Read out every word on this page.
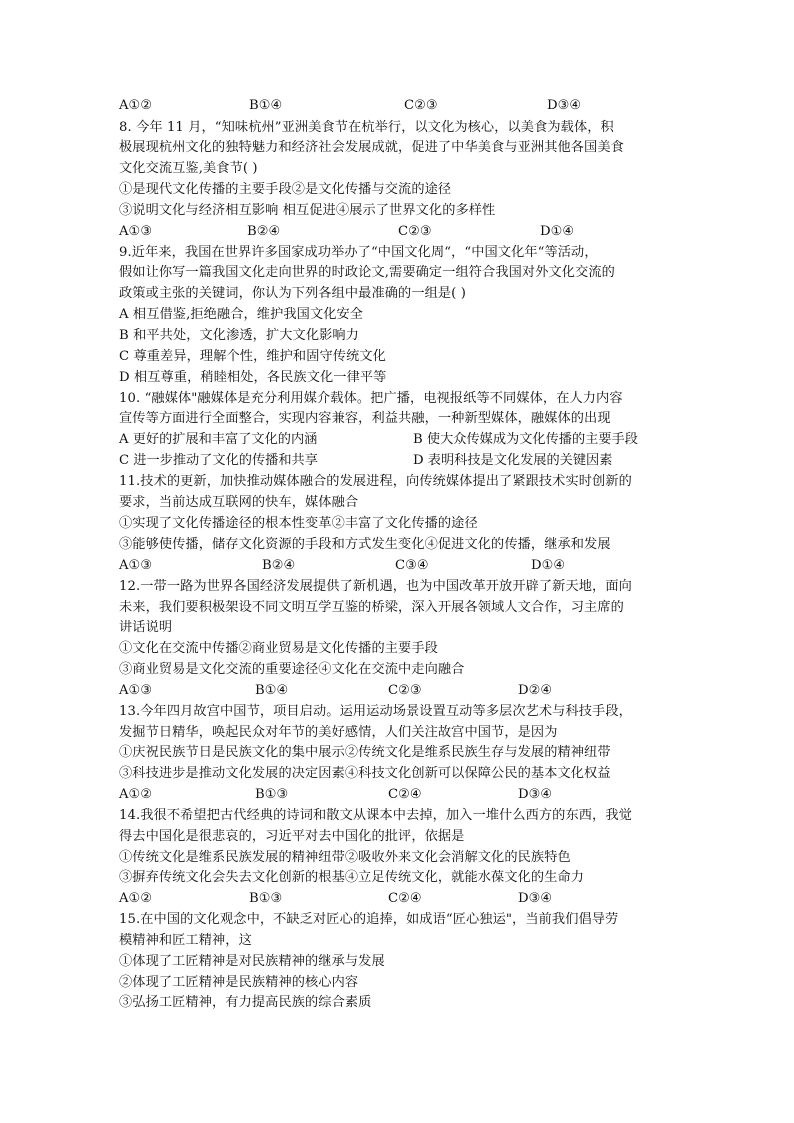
A①②	B①④	C②③	D③④
8. 今年 11 月，“知味杭州”亚洲美食节在杭举行，以文化为核心，以美食为载体，积
极展现杭州文化的独特魅力和经济社会发展成就，促进了中华美食与亚洲其他各国美食
文化交流互鉴,美食节( )
①是现代文化传播的主要手段②是文化传播与交流的途径
③说明文化与经济相互影响 相互促进④展示了世界文化的多样性
A①③	B②④	C②③	D①④
9.近年来，我国在世界许多国家成功举办了“中国文化周“，“中国文化年“等活动，
假如让你写一篇我国文化走向世界的时政论文,需要确定一组符合我国对外文化交流的
政策或主张的关键词，你认为下列各组中最准确的一组是( )
A 相互借鉴,拒绝融合，维护我国文化安全
B 和平共处，文化渗透，扩大文化影响力
C 尊重差异，理解个性，维护和固守传统文化
D 相互尊重，稍睦相处，各民族文化一律平等
10. “融媒体"融媒体是充分利用媒介载体。把广播，电视报纸等不同媒体，在人力内容
宣传等方面进行全面整合，实现内容兼容，利益共融，一种新型媒体，融媒体的出现
A 更好的扩展和丰富了文化的内涵	B 使大众传媒成为文化传播的主要手段
C 进一步推动了文化的传播和共享	D 表明科技是文化发展的关键因素
11.技术的更新，加快推动媒体融合的发展进程，向传统媒体提出了紧跟技术实时创新的
要求，当前达成互联网的快车，媒体融合
①实现了文化传播途径的根本性变革②丰富了文化传播的途径
③能够使传播，储存文化资源的手段和方式发生变化④促进文化的传播，继承和发展
A①③	B②④	C③④	D①④
12.一带一路为世界各国经济发展提供了新机遇，也为中国改革开放开辟了新天地，面向
未来，我们要积极架设不同文明互学互鉴的桥梁，深入开展各领域人文合作，习主席的
讲话说明
①文化在交流中传播②商业贸易是文化传播的主要手段
③商业贸易是文化交流的重要途径④文化在交流中走向融合
A①③	B①④	C②③	D②④
13.今年四月故宫中国节，项目启动。运用运动场景设置互动等多层次艺术与科技手段，
发掘节日精华，唤起民众对年节的美好感情，人们关注故宫中国节，是因为
①庆祝民族节日是民族文化的集中展示②传统文化是维系民族生存与发展的精神纽带
③科技进步是推动文化发展的决定因素④科技文化创新可以保障公民的基本文化权益
A①②	B①③	C②④	D③④
14.我很不希望把古代经典的诗词和散文从课本中去掉，加入一堆什么西方的东西，我觉
得去中国化是很悲哀的，习近平对去中国化的批评，依据是
①传统文化是维系民族发展的精神纽带②吸收外来文化会消解文化的民族特色
③摒弃传统文化会失去文化创新的根基④立足传统文化，就能水葆文化的生命力
A①②	B①③	C②④	D③④
15.在中国的文化观念中，不缺乏对匠心的追捧，如成语“匠心独运"，当前我们倡导劳
模精神和匠工精神，这
①体现了工匠精神是对民族精神的继承与发展
②体现了工匠精神是民族精神的核心内容
③弘扬工匠精神，有力提高民族的综合素质
